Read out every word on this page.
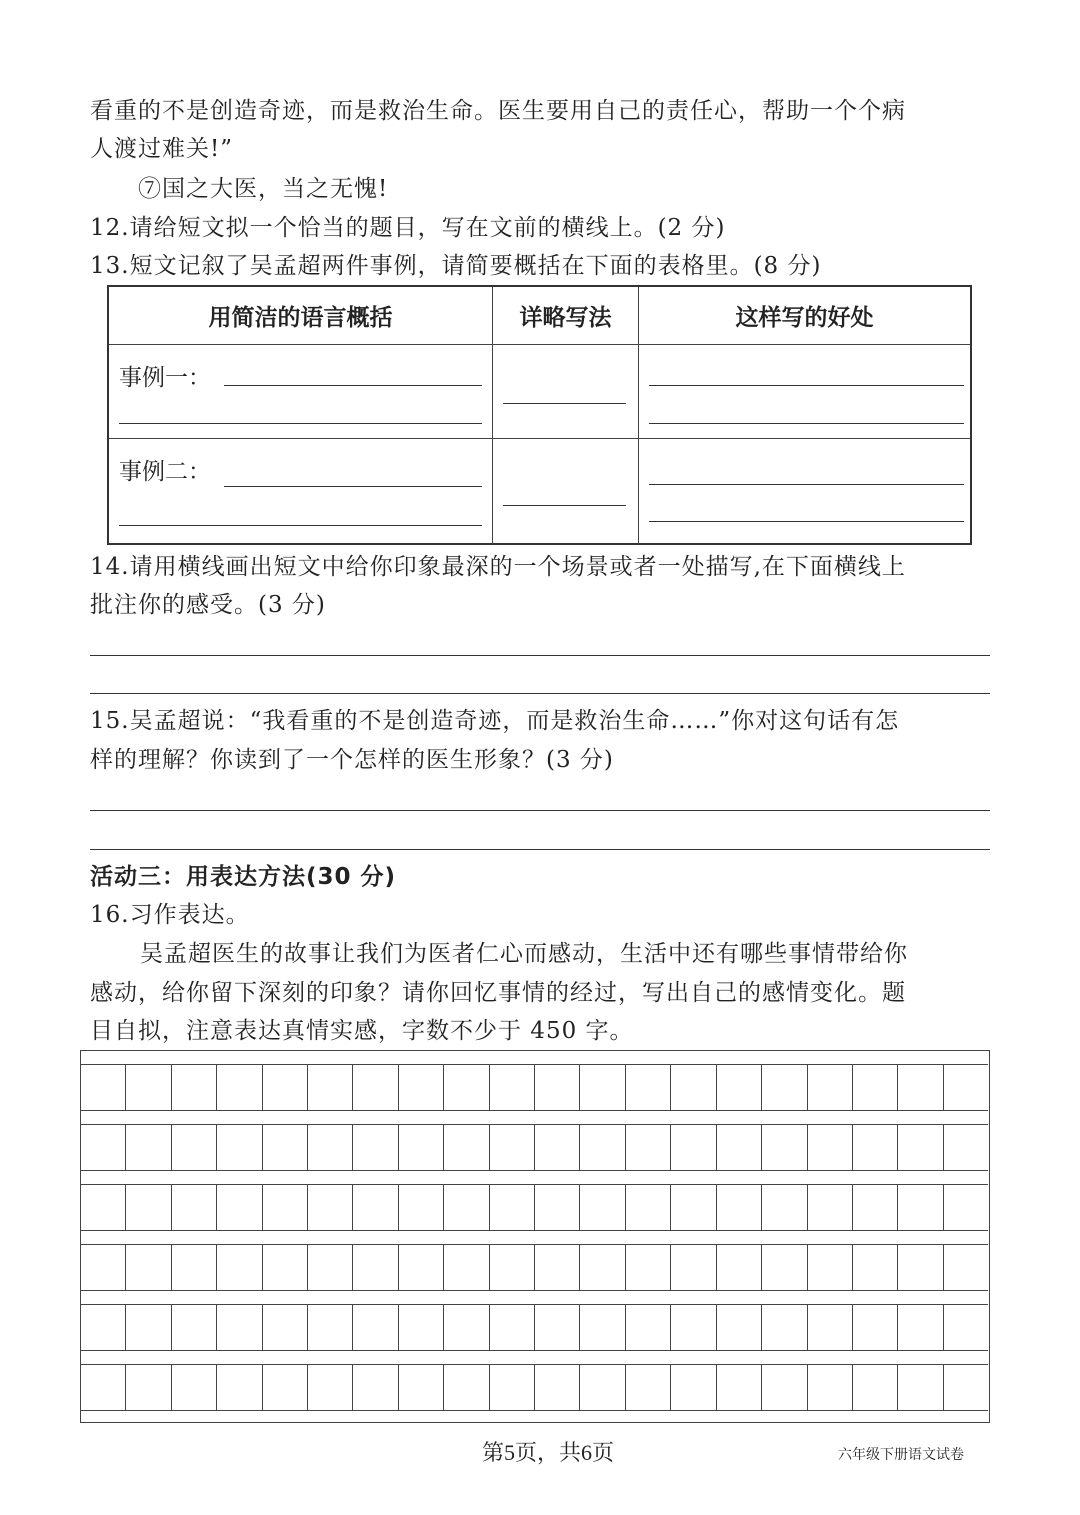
看重的不是创造奇迹，而是救治生命。医生要用自己的责任心，帮助一个个病
人渡过难关!”
⑦国之大医，当之无愧!
12.请给短文拟一个恰当的题目，写在文前的横线上。(2 分)
13.短文记叙了吴孟超两件事例，请简要概括在下面的表格里。(8 分)
用简洁的语言概括	详略写法	这样写的好处

事例一：		

事例二：		

14.请用横线画出短文中给你印象最深的一个场景或者一处描写,在下面横线上
批注你的感受。(3 分)
15.吴孟超说：“我看重的不是创造奇迹，而是救治生命……”你对这句话有怎
样的理解？你读到了一个怎样的医生形象？(3 分)
活动三：用表达方法(30 分)
16.习作表达。
吴孟超医生的故事让我们为医者仁心而感动，生活中还有哪些事情带给你
感动，给你留下深刻的印象？请你回忆事情的经过，写出自己的感情变化。题
目自拟，注意表达真情实感，字数不少于 450 字。
第5页，共6页	六年级下册语文试卷
